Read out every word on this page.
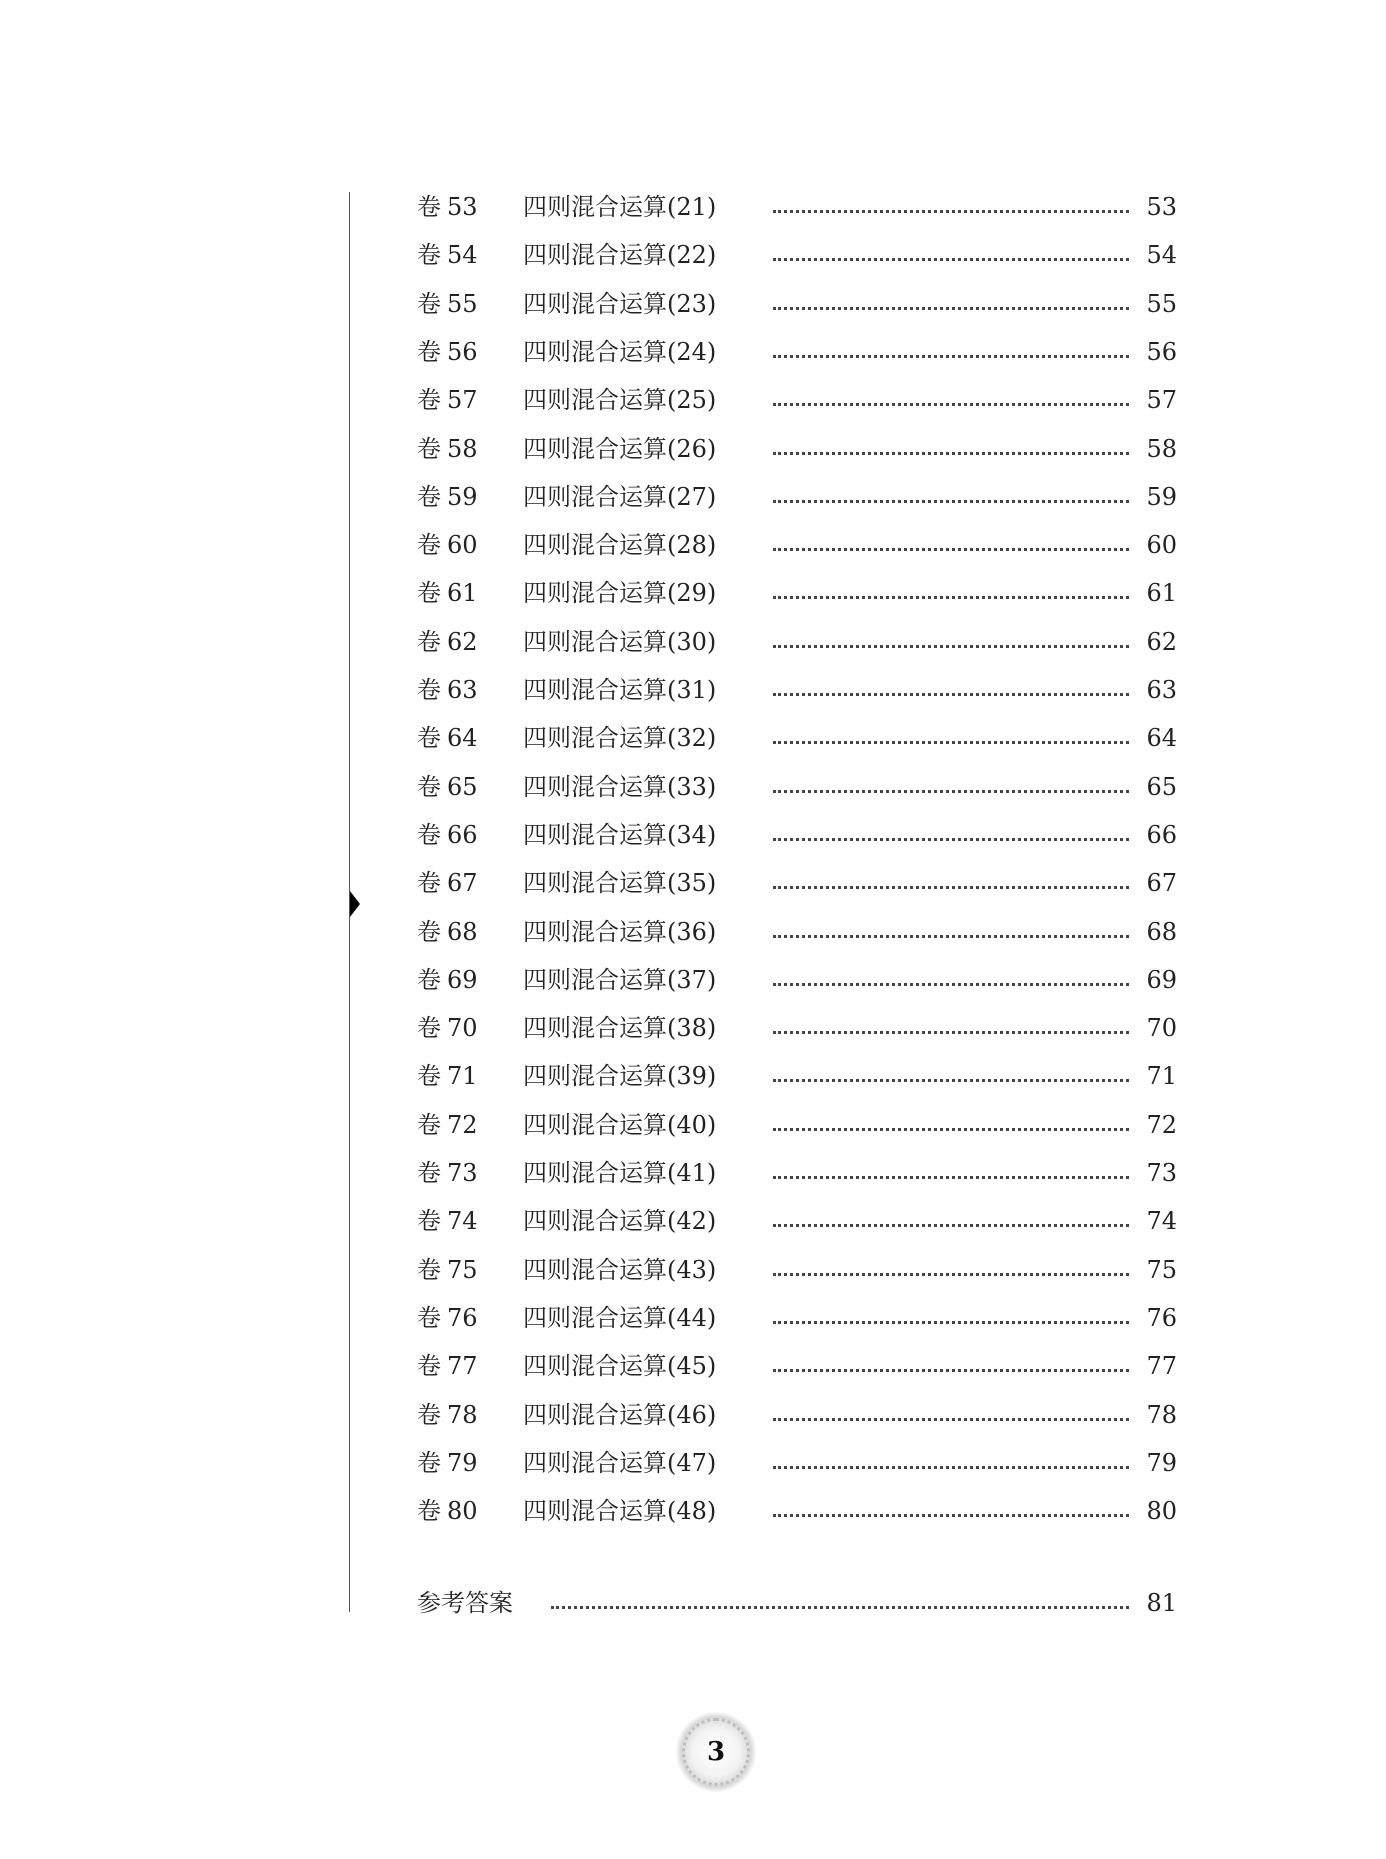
卷 53 四则混合运算(21)	53
卷 54 四则混合运算(22)	54
卷 55 四则混合运算(23)	55
卷 56 四则混合运算(24)	56
卷 57 四则混合运算(25)	57
卷 58 四则混合运算(26)	58
卷 59 四则混合运算(27)	59
卷 60 四则混合运算(28)	60
卷 61 四则混合运算(29)	61
卷 62 四则混合运算(30)	62
卷 63 四则混合运算(31)	63
卷 64 四则混合运算(32)	64
卷 65 四则混合运算(33)	65
卷 66 四则混合运算(34)	66
卷 67 四则混合运算(35)	67
卷 68 四则混合运算(36)	68
卷 69 四则混合运算(37)	69
卷 70 四则混合运算(38)	70
卷 71 四则混合运算(39)	71
卷 72 四则混合运算(40)	72
卷 73 四则混合运算(41)	73
卷 74 四则混合运算(42)	74
卷 75 四则混合运算(43)	75
卷 76 四则混合运算(44)	76
卷 77 四则混合运算(45)	77
卷 78 四则混合运算(46)	78
卷 79 四则混合运算(47)	79
卷 80 四则混合运算(48)	80
参考答案	81
3
